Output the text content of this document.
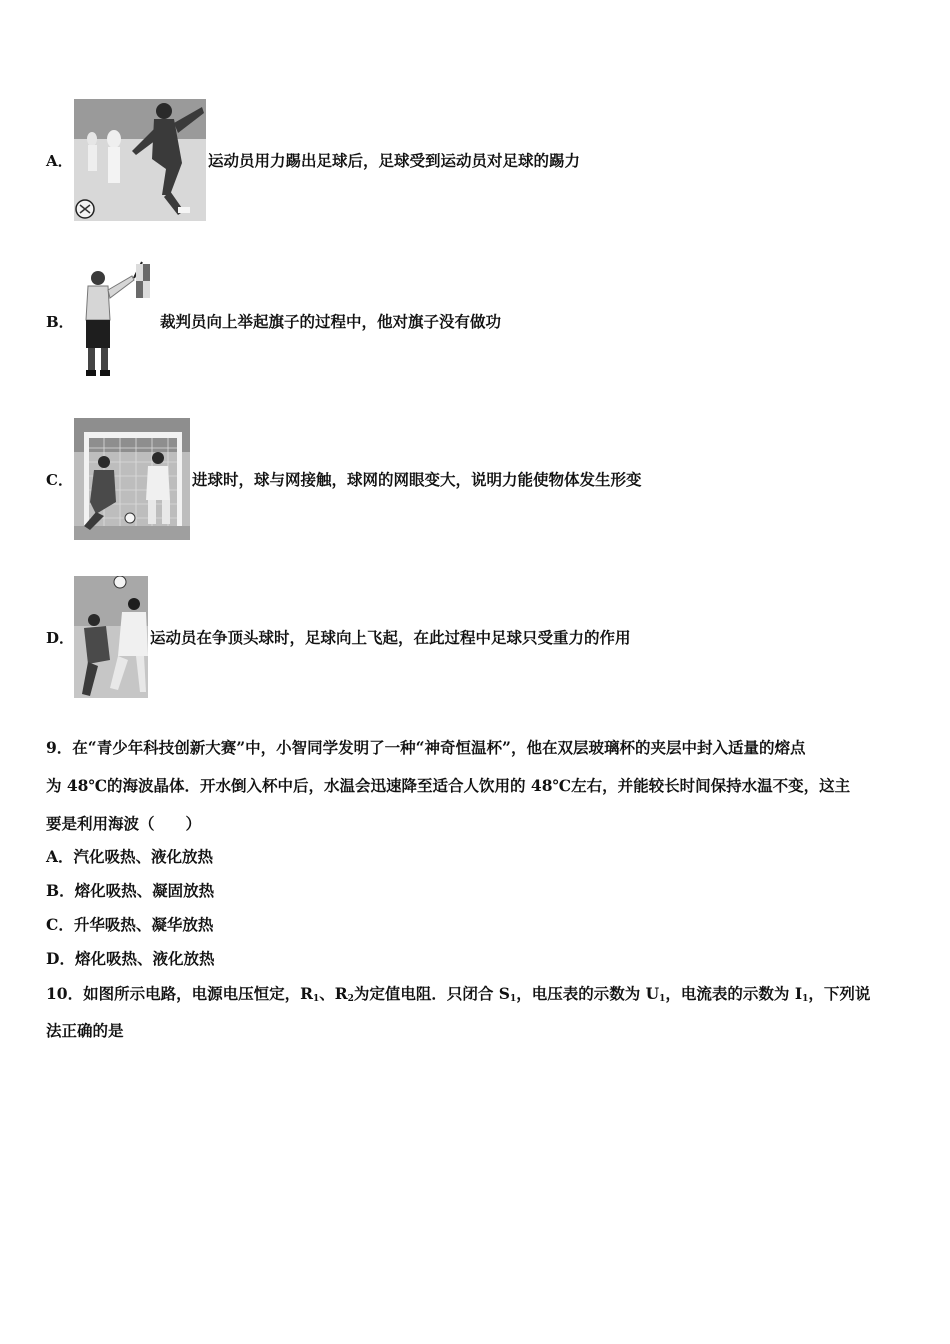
A．	运动员用力踢出足球后，足球受到运动员对足球的踢力
B．	裁判员向上举起旗子的过程中，他对旗子没有做功
C．	进球时，球与网接触，球网的网眼变大，说明力能使物体发生形变
D．	运动员在争顶头球时，足球向上飞起，在此过程中足球只受重力的作用
9．在“青少年科技创新大赛”中，小智同学发明了一种“神奇恒温杯”，他在双层玻璃杯的夹层中封入适量的熔点
为 48℃的海波晶体．开水倒入杯中后，水温会迅速降至适合人饮用的 48℃左右，并能较长时间保持水温不变，这主
要是利用海波（　　）
A．汽化吸热、液化放热
B．熔化吸热、凝固放热
C．升华吸热、凝华放热
D．熔化吸热、液化放热
10．如图所示电路，电源电压恒定，$R_1$、$R_2$为定值电阻．只闭合 $S_1$，电压表的示数为 $U_1$，电流表的示数为 $I_1$，下列说
法正确的是
